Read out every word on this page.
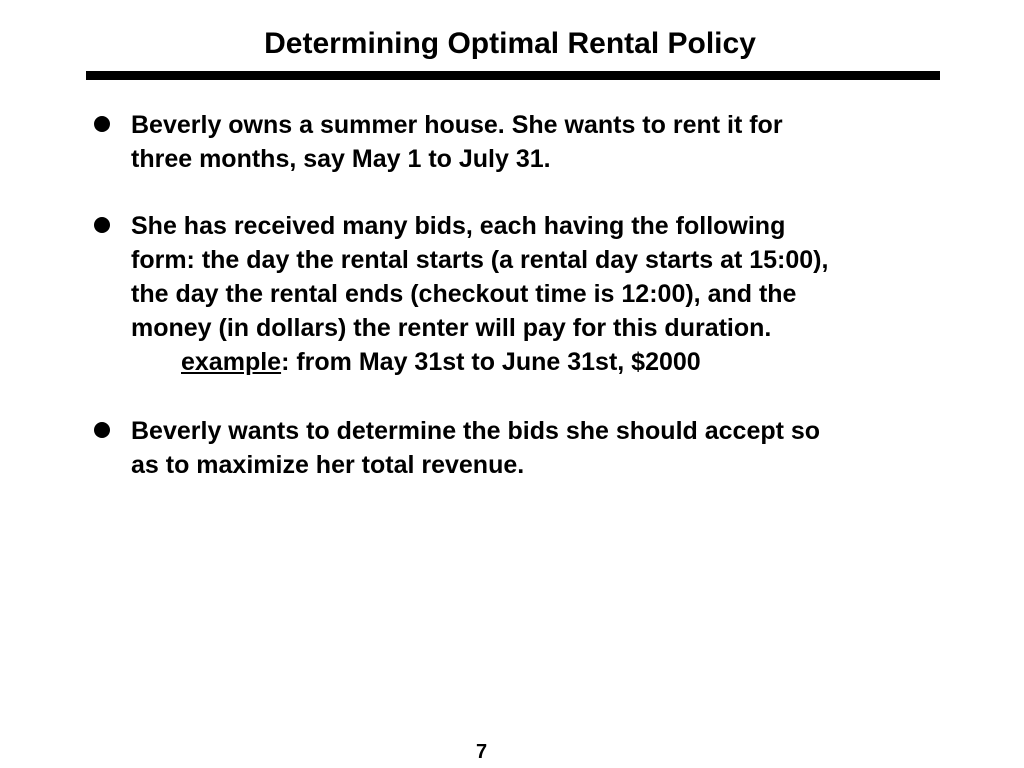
Determining Optimal Rental Policy
Beverly owns a summer house. She wants to rent it for
three months, say May 1 to July 31.
She has received many bids, each having the following
form: the day the rental starts (a rental day starts at 15:00),
the day the rental ends (checkout time is 12:00), and the
money (in dollars) the renter will pay for this duration.
example: from May 31st to June 31st, $2000
Beverly wants to determine the bids she should accept so
as to maximize her total revenue.
7
